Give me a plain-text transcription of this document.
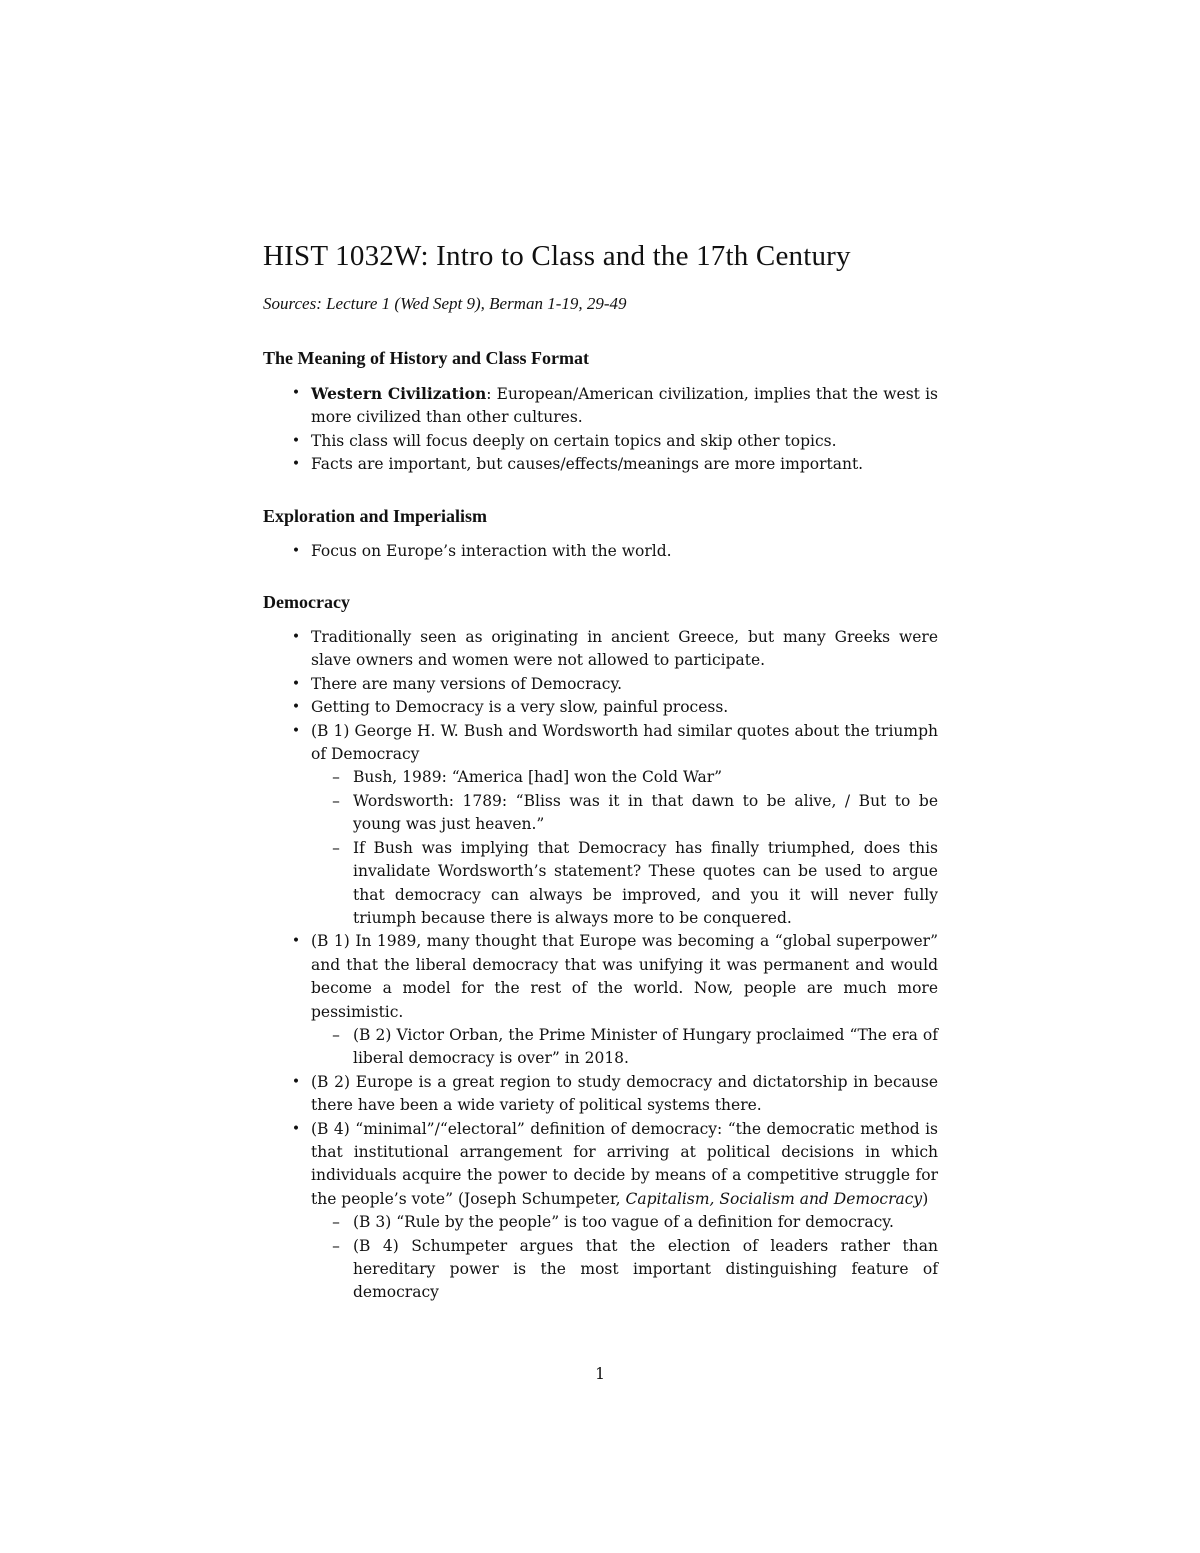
HIST 1032W: Intro to Class and the 17th Century

Sources: Lecture 1 (Wed Sept 9), Berman 1-19, 29-49

The Meaning of History and Class Format
• Western Civilization: European/American civilization, implies that the west is more civilized than other cultures.
• This class will focus deeply on certain topics and skip other topics.
• Facts are important, but causes/effects/meanings are more important.
Exploration and Imperialism
• Focus on Europe’s interaction with the world.
Democracy
• Traditionally seen as originating in ancient Greece, but many Greeks were slave owners and women were not allowed to participate.
• There are many versions of Democracy.
• Getting to Democracy is a very slow, painful process.
• (B 1) George H. W. Bush and Wordsworth had similar quotes about the triumph of Democracy
– Bush, 1989: “America [had] won the Cold War”
– Wordsworth: 1789: “Bliss was it in that dawn to be alive, / But to be young was just heaven.”
– If Bush was implying that Democracy has finally triumphed, does this invalidate Wordsworth’s statement? These quotes can be used to argue that democracy can always be improved, and you it will never fully triumph because there is always more to be conquered.
• (B 1) In 1989, many thought that Europe was becoming a “global superpower” and that the liberal democracy that was unifying it was permanent and would become a model for the rest of the world. Now, people are much more pessimistic.
– (B 2) Victor Orban, the Prime Minister of Hungary proclaimed “The era of liberal democracy is over” in 2018.
• (B 2) Europe is a great region to study democracy and dictatorship in because there have been a wide variety of political systems there.
• (B 4) “minimal”/“electoral” definition of democracy: “the democratic method is that institutional arrangement for arriving at political decisions in which individuals acquire the power to decide by means of a competitive struggle for the people’s vote” (Joseph Schumpeter, Capitalism, Socialism and Democracy)
– (B 3) “Rule by the people” is too vague of a definition for democracy.
– (B 4) Schumpeter argues that the election of leaders rather than hereditary power is the most important distinguishing feature of democracy
1
